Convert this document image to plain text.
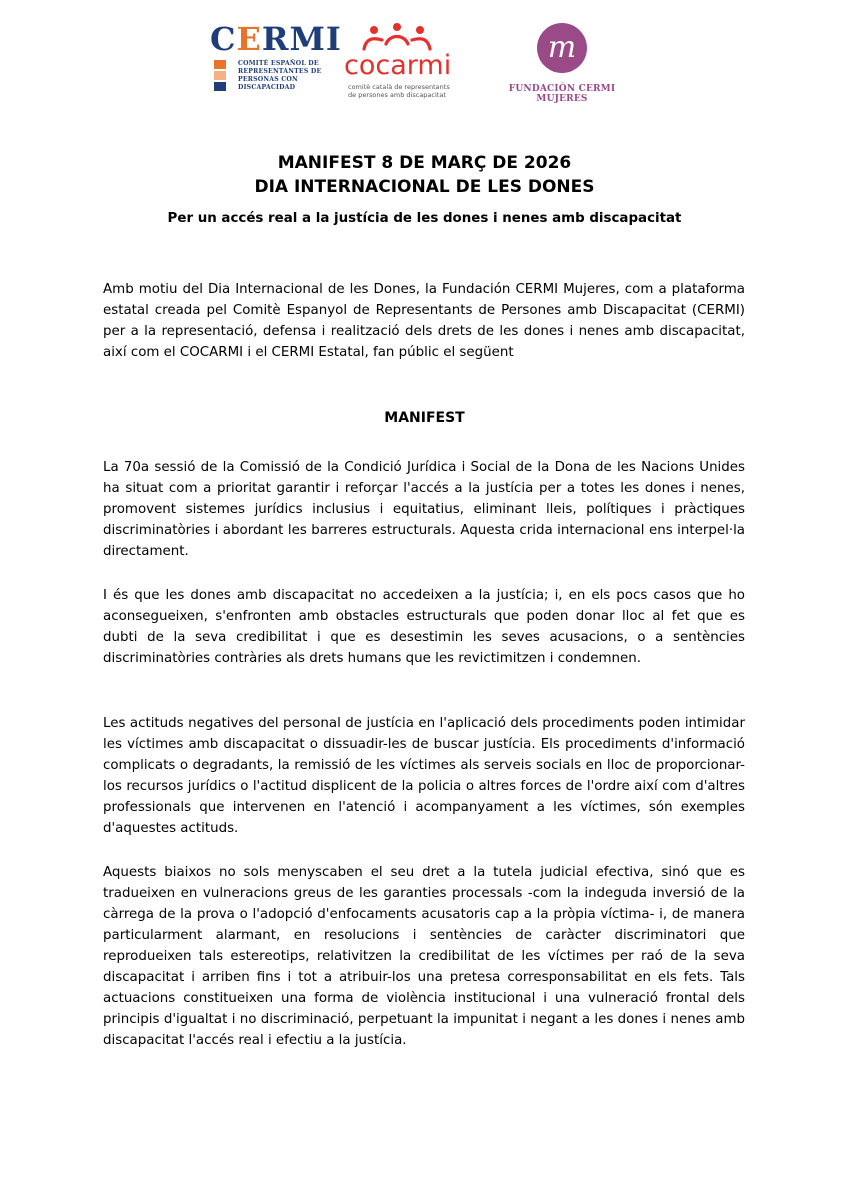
CERMI
COMITÉ ESPAÑOL DE REPRESENTANTES DE PERSONAS CON DISCAPACIDAD
cocarmi
comitè català de representants de persones amb discapacitat
m
FUNDACIÓN CERMI MUJERES
MANIFEST 8 DE MARÇ DE 2026
DIA INTERNACIONAL DE LES DONES
Per un accés real a la justícia de les dones i nenes amb discapacitat
Amb motiu del Dia Internacional de les Dones, la Fundación CERMI Mujeres, com a plataforma estatal creada pel Comitè Espanyol de Representants de Persones amb Discapacitat (CERMI) per a la representació, defensa i realització dels drets de les dones i nenes amb discapacitat, així com el COCARMI i el CERMI Estatal, fan públic el següent
MANIFEST
La 70a sessió de la Comissió de la Condició Jurídica i Social de la Dona de les Nacions Unides ha situat com a prioritat garantir i reforçar l'accés a la justícia per a totes les dones i nenes, promovent sistemes jurídics inclusius i equitatius, eliminant lleis, polítiques i pràctiques discriminatòries i abordant les barreres estructurals. Aquesta crida internacional ens interpel·la directament.
I és que les dones amb discapacitat no accedeixen a la justícia; i, en els pocs casos que ho aconsegueixen, s'enfronten amb obstacles estructurals que poden donar lloc al fet que es dubti de la seva credibilitat i que es desestimin les seves acusacions, o a sentències discriminatòries contràries als drets humans que les revictimitzen i condemnen.
Les actituds negatives del personal de justícia en l'aplicació dels procediments poden intimidar les víctimes amb discapacitat o dissuadir-les de buscar justícia. Els procediments d'informació complicats o degradants, la remissió de les víctimes als serveis socials en lloc de proporcionar-los recursos jurídics o l'actitud displicent de la policia o altres forces de l'ordre així com d'altres professionals que intervenen en l'atenció i acompanyament a les víctimes, són exemples d'aquestes actituds.
Aquests biaixos no sols menyscaben el seu dret a la tutela judicial efectiva, sinó que es tradueixen en vulneracions greus de les garanties processals -com la indeguda inversió de la càrrega de la prova o l'adopció d'enfocaments acusatoris cap a la pròpia víctima- i, de manera particularment alarmant, en resolucions i sentències de caràcter discriminatori que reprodueixen tals estereotips, relativitzen la credibilitat de les víctimes per raó de la seva discapacitat i arriben fins i tot a atribuir-los una pretesa corresponsabilitat en els fets. Tals actuacions constitueixen una forma de violència institucional i una vulneració frontal dels principis d'igualtat i no discriminació, perpetuant la impunitat i negant a les dones i nenes amb discapacitat l'accés real i efectiu a la justícia.
